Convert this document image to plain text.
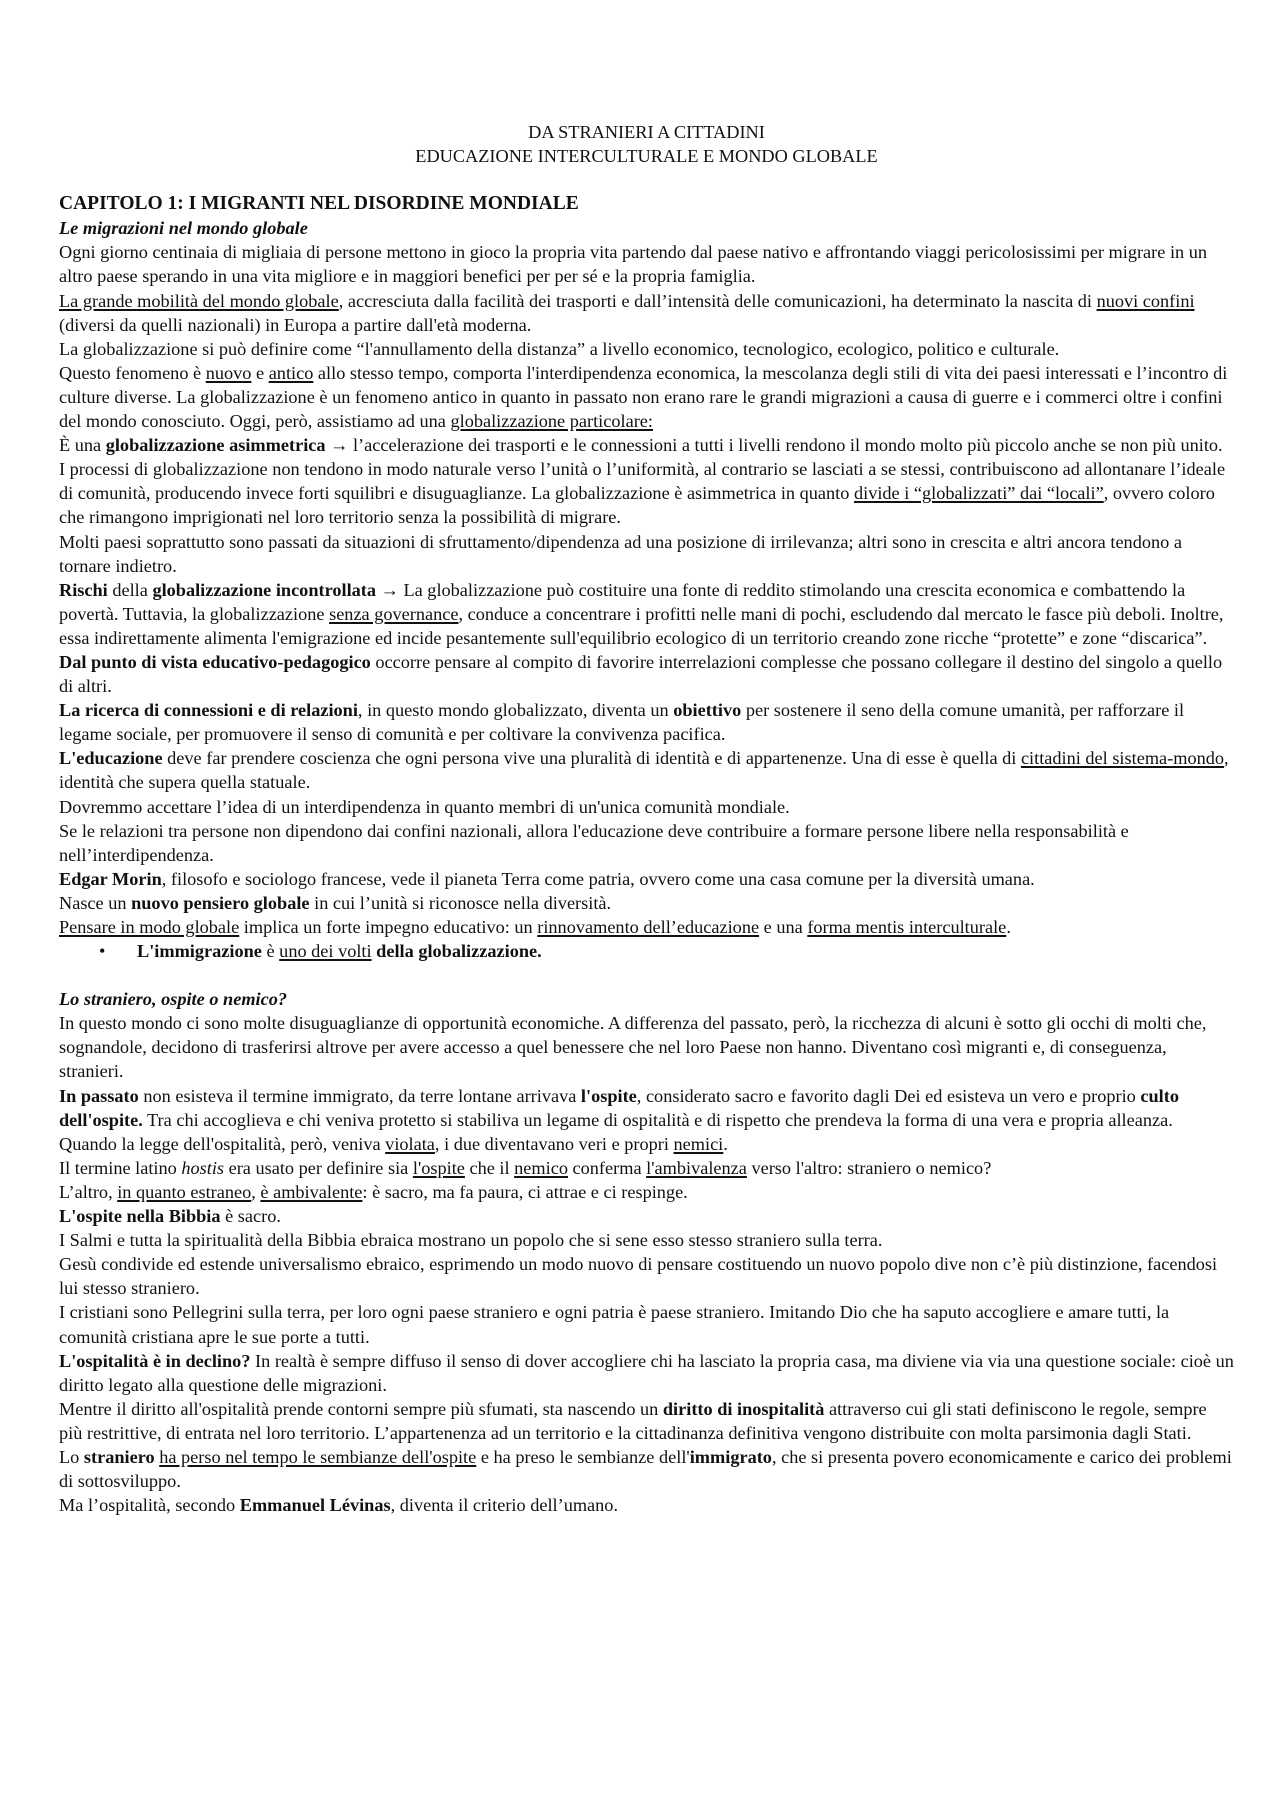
DA STRANIERI A CITTADINI

EDUCAZIONE INTERCULTURALE E MONDO GLOBALE

CAPITOLO 1: I MIGRANTI NEL DISORDINE MONDIALE

Le migrazioni nel mondo globale

Ogni giorno centinaia di migliaia di persone mettono in gioco la propria vita partendo dal paese nativo e affrontando viaggi pericolosissimi per migrare in un altro paese sperando in una vita migliore e in maggiori benefici per per sé e la propria famiglia.

La grande mobilità del mondo globale, accresciuta dalla facilità dei trasporti e dall’intensità delle comunicazioni, ha determinato la nascita di nuovi confini (diversi da quelli nazionali) in Europa a partire dall'età moderna.

La globalizzazione si può definire come “l'annullamento della distanza” a livello economico, tecnologico, ecologico, politico e culturale.

Questo fenomeno è nuovo e antico allo stesso tempo, comporta l'interdipendenza economica, la mescolanza degli stili di vita dei paesi interessati e l’incontro di culture diverse. La globalizzazione è un fenomeno antico in quanto in passato non erano rare le grandi migrazioni a causa di guerre e i commerci oltre i confini del mondo conosciuto. Oggi, però, assistiamo ad una globalizzazione particolare:

È una globalizzazione asimmetrica → l’accelerazione dei trasporti e le connessioni a tutti i livelli rendono il mondo molto più piccolo anche se non più unito.

I processi di globalizzazione non tendono in modo naturale verso l’unità o l’uniformità, al contrario se lasciati a se stessi, contribuiscono ad allontanare l’ideale di comunità, producendo invece forti squilibri e disuguaglianze. La globalizzazione è asimmetrica in quanto divide i “globalizzati” dai “locali”, ovvero coloro che rimangono imprigionati nel loro territorio senza la possibilità di migrare.

Molti paesi soprattutto sono passati da situazioni di sfruttamento/dipendenza ad una posizione di irrilevanza; altri sono in crescita e altri ancora tendono a tornare indietro.

Rischi della globalizzazione incontrollata → La globalizzazione può costituire una fonte di reddito stimolando una crescita economica e combattendo la povertà. Tuttavia, la globalizzazione senza governance, conduce a concentrare i profitti nelle mani di pochi, escludendo dal mercato le fasce più deboli. Inoltre, essa indirettamente alimenta l'emigrazione ed incide pesantemente sull'equilibrio ecologico di un territorio creando zone ricche “protette” e zone “discarica”.

Dal punto di vista educativo-pedagogico occorre pensare al compito di favorire interrelazioni complesse che possano collegare il destino del singolo a quello di altri.

La ricerca di connessioni e di relazioni, in questo mondo globalizzato, diventa un obiettivo per sostenere il seno della comune umanità, per rafforzare il legame sociale, per promuovere il senso di comunità e per coltivare la convivenza pacifica.

L'educazione deve far prendere coscienza che ogni persona vive una pluralità di identità e di appartenenze. Una di esse è quella di cittadini del sistema-mondo, identità che supera quella statuale.

Dovremmo accettare l’idea di un interdipendenza in quanto membri di un'unica comunità mondiale.

Se le relazioni tra persone non dipendono dai confini nazionali, allora l'educazione deve contribuire a formare persone libere nella responsabilità e nell’interdipendenza.

Edgar Morin, filosofo e sociologo francese, vede il pianeta Terra come patria, ovvero come una casa comune per la diversità umana.

Nasce un nuovo pensiero globale in cui l’unità si riconosce nella diversità.

Pensare in modo globale implica un forte impegno educativo: un rinnovamento dell’educazione e una forma mentis interculturale.

• L'immigrazione è uno dei volti della globalizzazione.

Lo straniero, ospite o nemico?

In questo mondo ci sono molte disuguaglianze di opportunità economiche. A differenza del passato, però, la ricchezza di alcuni è sotto gli occhi di molti che, sognandole, decidono di trasferirsi altrove per avere accesso a quel benessere che nel loro Paese non hanno. Diventano così migranti e, di conseguenza, stranieri.

In passato non esisteva il termine immigrato, da terre lontane arrivava l'ospite, considerato sacro e favorito dagli Dei ed esisteva un vero e proprio culto dell'ospite. Tra chi accoglieva e chi veniva protetto si stabiliva un legame di ospitalità e di rispetto che prendeva la forma di una vera e propria alleanza.

Quando la legge dell'ospitalità, però, veniva violata, i due diventavano veri e propri nemici.

Il termine latino hostis era usato per definire sia l'ospite che il nemico conferma l'ambivalenza verso l'altro: straniero o nemico?

L’altro, in quanto estraneo, è ambivalente: è sacro, ma fa paura, ci attrae e ci respinge.

L'ospite nella Bibbia è sacro.

I Salmi e tutta la spiritualità della Bibbia ebraica mostrano un popolo che si sene esso stesso straniero sulla terra.

Gesù condivide ed estende universalismo ebraico, esprimendo un modo nuovo di pensare costituendo un nuovo popolo dive non c’è più distinzione, facendosi lui stesso straniero.

I cristiani sono Pellegrini sulla terra, per loro ogni paese straniero e ogni patria è paese straniero. Imitando Dio che ha saputo accogliere e amare tutti, la comunità cristiana apre le sue porte a tutti.

L'ospitalità è in declino? In realtà è sempre diffuso il senso di dover accogliere chi ha lasciato la propria casa, ma diviene via via una questione sociale: cioè un diritto legato alla questione delle migrazioni.

Mentre il diritto all'ospitalità prende contorni sempre più sfumati, sta nascendo un diritto di inospitalità attraverso cui gli stati definiscono le regole, sempre più restrittive, di entrata nel loro territorio. L’appartenenza ad un territorio e la cittadinanza definitiva vengono distribuite con molta parsimonia dagli Stati.

Lo straniero ha perso nel tempo le sembianze dell'ospite e ha preso le sembianze dell'immigrato, che si presenta povero economicamente e carico dei problemi di sottosviluppo.

Ma l’ospitalità, secondo Emmanuel Lévinas, diventa il criterio dell’umano.
